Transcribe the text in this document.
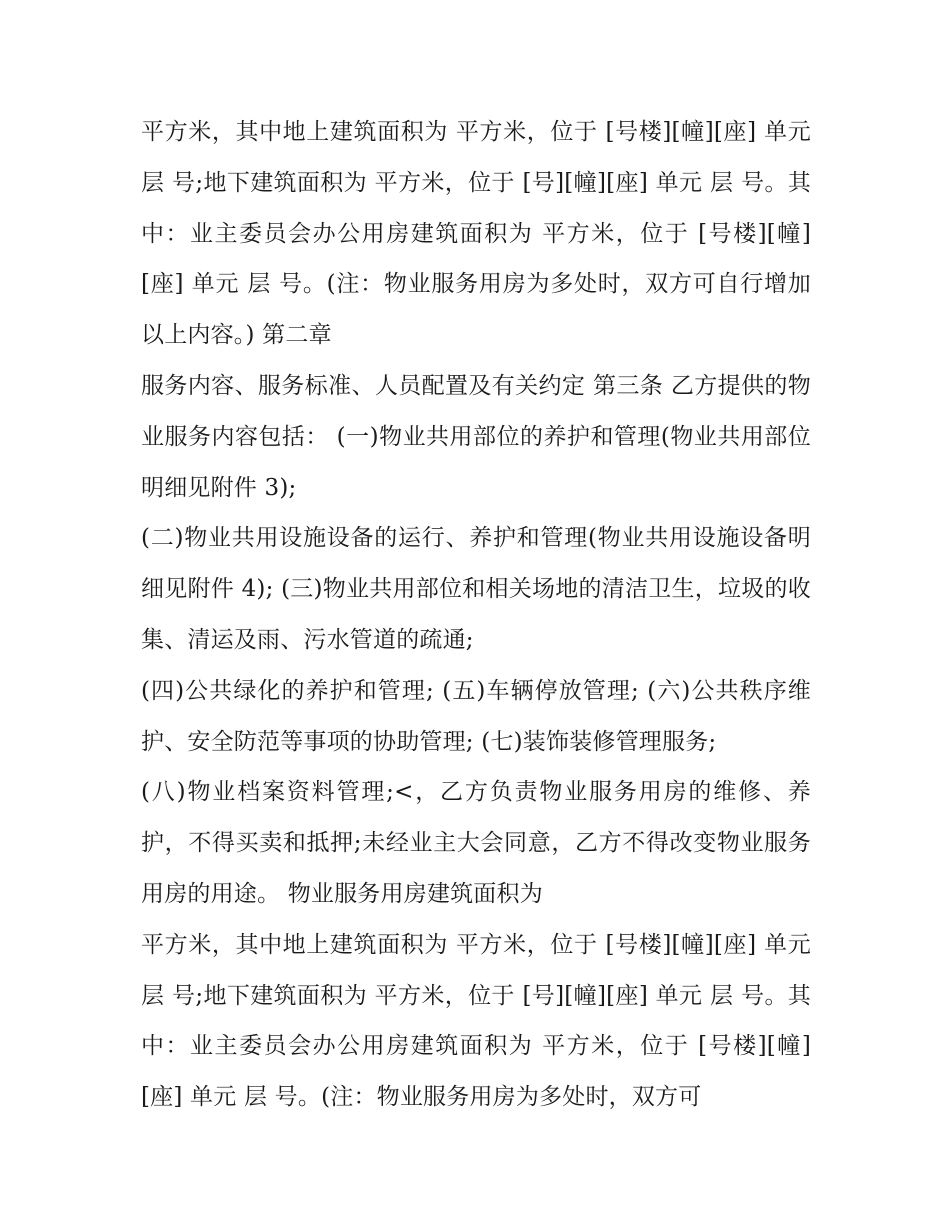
平方米，其中地上建筑面积为 平方米，位于 [号楼][幢][座] 单元 层 号;地下建筑面积为 平方米，位于 [号][幢][座] 单元 层 号。其中：业主委员会办公用房建筑面积为 平方米，位于 [号楼][幢][座] 单元 层 号。(注：物业服务用房为多处时，双方可自行增加以上内容。) 第二章

服务内容、服务标准、人员配置及有关约定 第三条 乙方提供的物业服务内容包括： (一)物业共用部位的养护和管理(物业共用部位明细见附件 3);

(二)物业共用设施设备的运行、养护和管理(物业共用设施设备明细见附件 4); (三)物业共用部位和相关场地的清洁卫生，垃圾的收集、清运及雨、污水管道的疏通;

(四)公共绿化的养护和管理; (五)车辆停放管理; (六)公共秩序维护、安全防范等事项的协助管理; (七)装饰装修管理服务;

(八)物业档案资料管理;<，乙方负责物业服务用房的维修、养护，不得买卖和抵押;未经业主大会同意，乙方不得改变物业服务用房的用途。 物业服务用房建筑面积为

平方米，其中地上建筑面积为 平方米，位于 [号楼][幢][座] 单元 层 号;地下建筑面积为 平方米，位于 [号][幢][座] 单元 层 号。其中：业主委员会办公用房建筑面积为 平方米，位于 [号楼][幢][座] 单元 层 号。(注：物业服务用房为多处时，双方可
